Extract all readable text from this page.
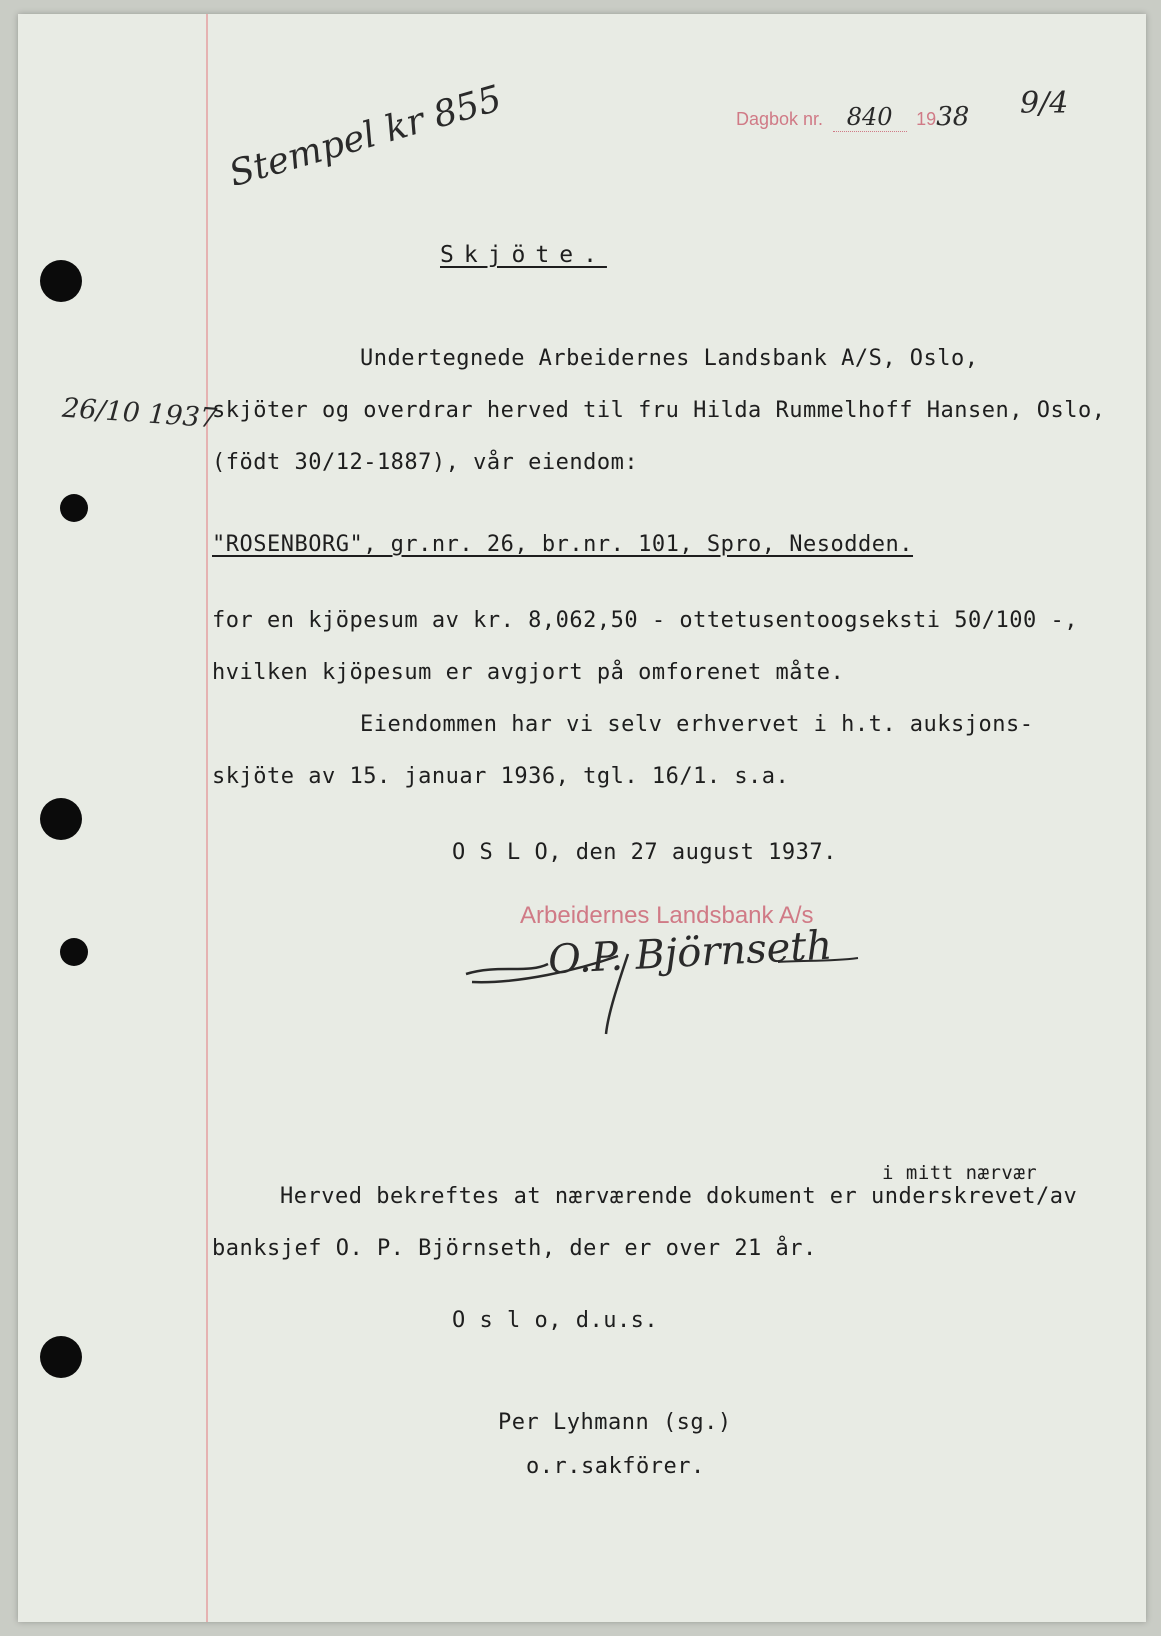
Dagbok nr. 840 1938 9/4
Stempel kr 855
26/10 1937
Skjöte.
Undertegnede Arbeidernes Landsbank A/S, Oslo,
skjöter og overdrar herved til fru Hilda Rummelhoff Hansen, Oslo,
(födt 30/12-1887), vår eiendom:
"ROSENBORG", gr.nr. 26, br.nr. 101, Spro, Nesodden.
for en kjöpesum av kr. 8,062,50 - ottetusentoogseksti 50/100 -,
hvilken kjöpesum er avgjort på omforenet måte.
Eiendommen har vi selv erhvervet i h.t. auksjons-
skjöte av 15. januar 1936, tgl. 16/1. s.a.
O S L O, den 27 august 1937.
Arbeidernes Landsbank A/s
O.P. Björnseth
i mitt nærvær
Herved bekreftes at nærværende dokument er underskrevet/av
banksjef O. P. Björnseth, der er over 21 år.
O s l o, d.u.s.
Per Lyhmann (sg.)
o.r.sakförer.
